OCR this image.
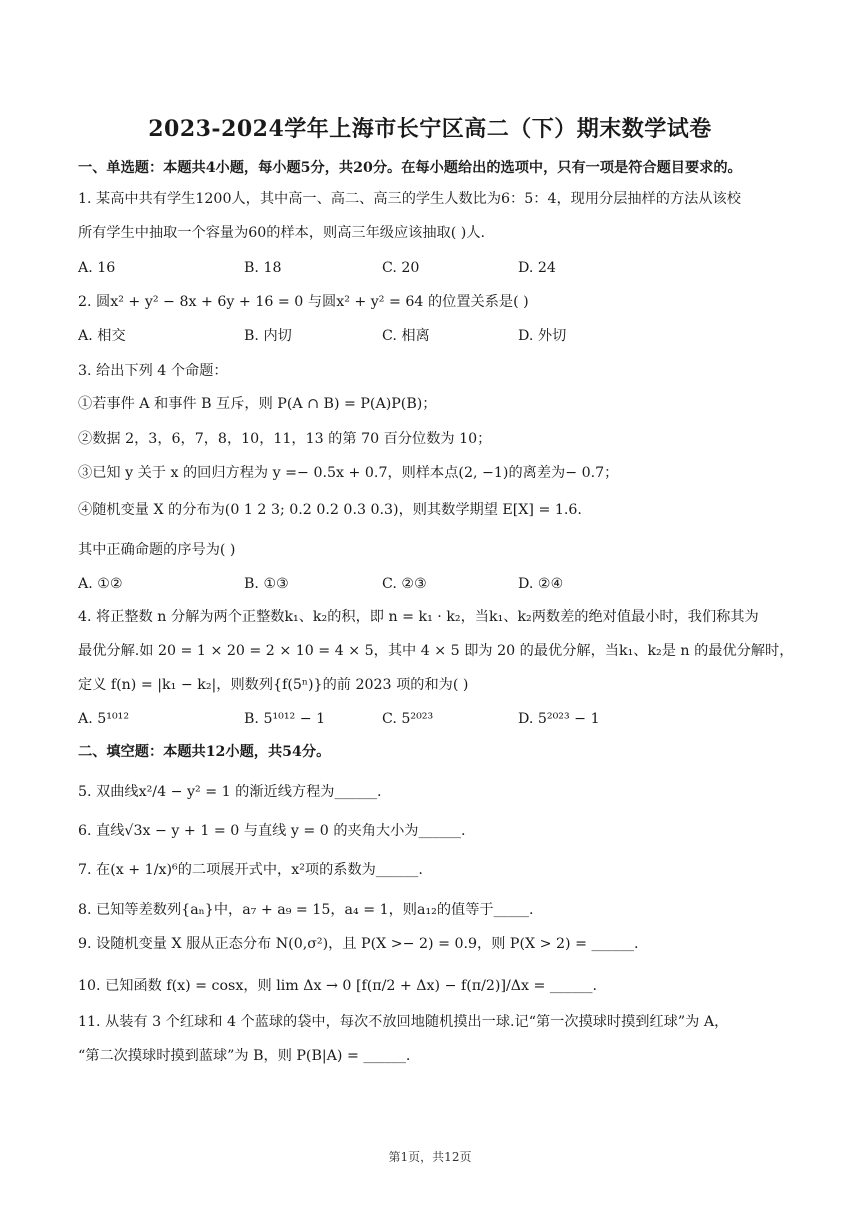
2023-2024学年上海市长宁区高二（下）期末数学试卷
一、单选题：本题共4小题，每小题5分，共20分。在每小题给出的选项中，只有一项是符合题目要求的。
1. 某高中共有学生1200人，其中高一、高二、高三的学生人数比为6：5：4，现用分层抽样的方法从该校
所有学生中抽取一个容量为60的样本，则高三年级应该抽取( )人.
A. 16	B. 18	C. 20	D. 24
2. 圆x² + y² − 8x + 6y + 16 = 0 与圆x² + y² = 64 的位置关系是( )
A. 相交	B. 内切	C. 相离	D. 外切
3. 给出下列 4 个命题：
①若事件 A 和事件 B 互斥，则 P(A ∩ B) = P(A)P(B)；
②数据 2，3，6，7，8，10，11，13 的第 70 百分位数为 10；
③已知 y 关于 x 的回归方程为 y =− 0.5x + 0.7，则样本点(2, −1)的离差为− 0.7；
④随机变量 X 的分布为(0 1 2 3; 0.2 0.2 0.3 0.3)，则其数学期望 E[X] = 1.6.
其中正确命题的序号为( )
A. ①②	B. ①③	C. ②③	D. ②④
4. 将正整数 n 分解为两个正整数k₁、k₂的积，即 n = k₁ · k₂，当k₁、k₂两数差的绝对值最小时，我们称其为
最优分解.如 20 = 1 × 20 = 2 × 10 = 4 × 5，其中 4 × 5 即为 20 的最优分解，当k₁、k₂是 n 的最优分解时，
定义 f(n) = |k₁ − k₂|，则数列{f(5ⁿ)}的前 2023 项的和为( )
A. 5¹⁰¹²	B. 5¹⁰¹² − 1	C. 5²⁰²³	D. 5²⁰²³ − 1
二、填空题：本题共12小题，共54分。
5. 双曲线x²/4 − y² = 1 的渐近线方程为______.
6. 直线√3x − y + 1 = 0 与直线 y = 0 的夹角大小为______.
7. 在(x + 1/x)⁶的二项展开式中，x²项的系数为______.
8. 已知等差数列{aₙ}中，a₇ + a₉ = 15，a₄ = 1，则a₁₂的值等于_____.
9. 设随机变量 X 服从正态分布 N(0,σ²)，且 P(X >− 2) = 0.9，则 P(X > 2) = ______.
10. 已知函数 f(x) = cosx，则 lim Δx → 0 [f(π/2 + Δx) − f(π/2)]/Δx = ______.
11. 从装有 3 个红球和 4 个蓝球的袋中，每次不放回地随机摸出一球.记“第一次摸球时摸到红球”为 A，
“第二次摸球时摸到蓝球”为 B，则 P(B|A) = ______.
第1页，共12页
